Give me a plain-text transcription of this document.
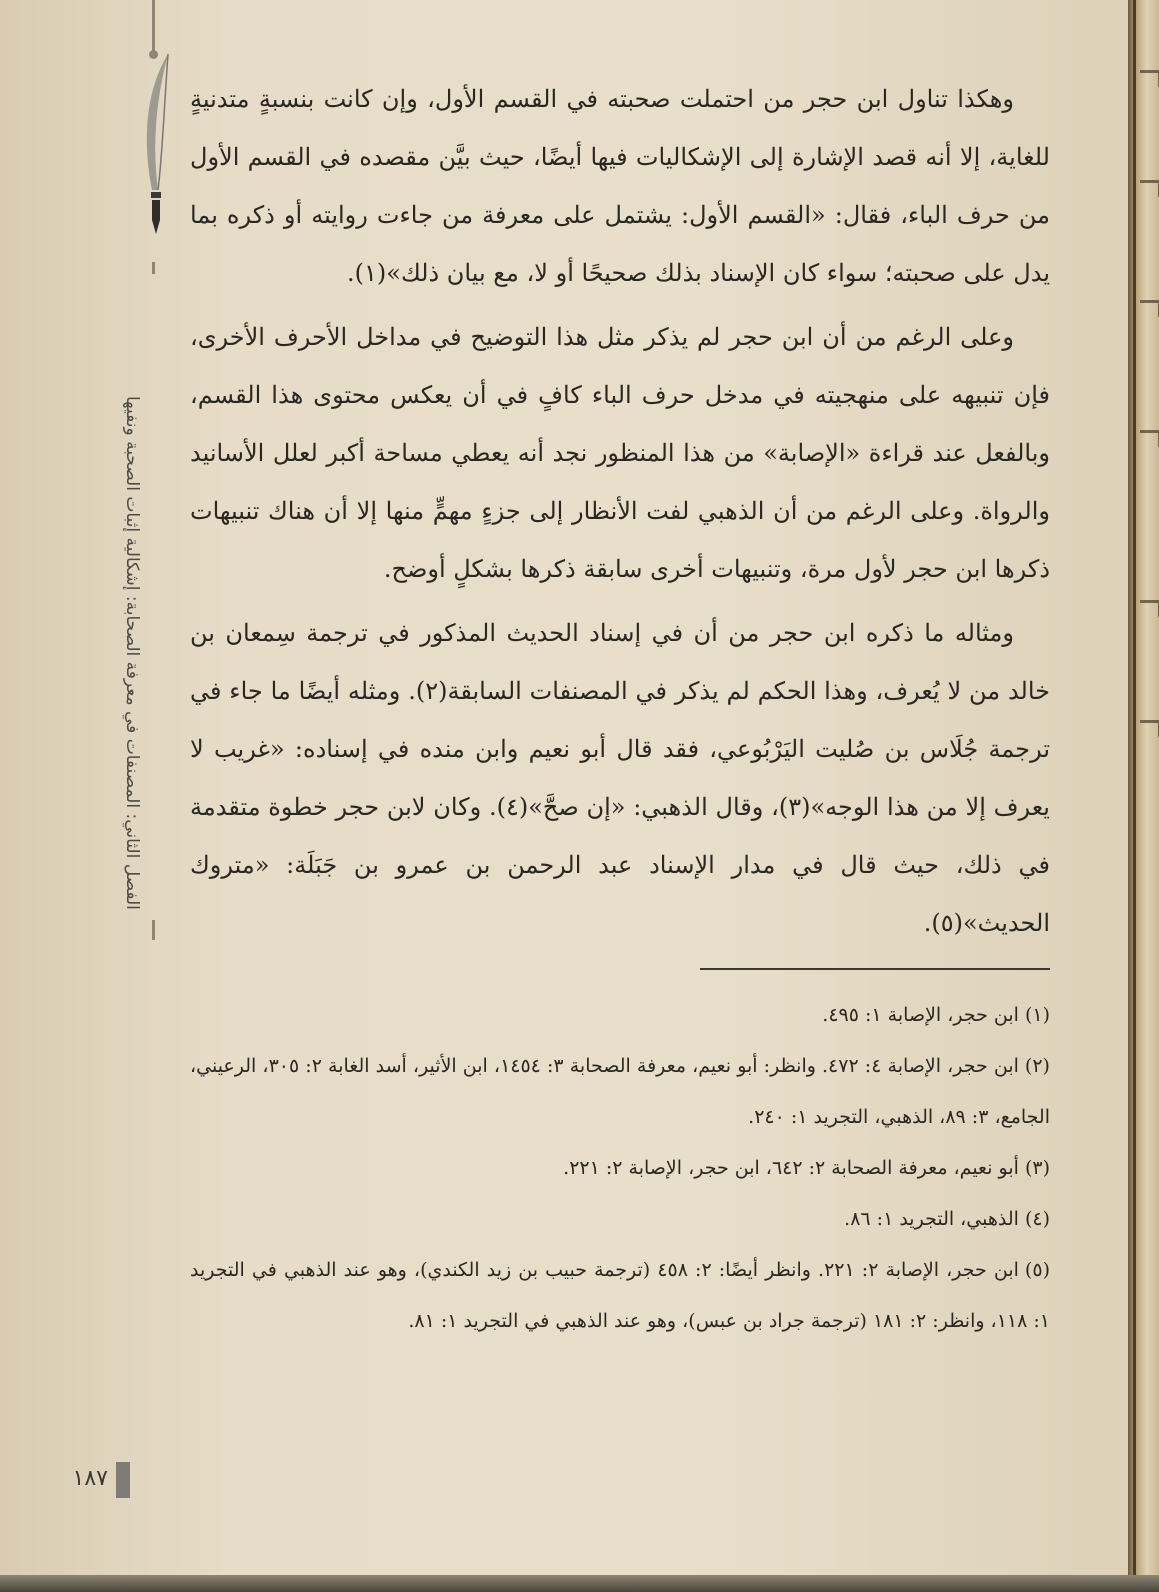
الفصل الثاني: المصنفات في معرفة الصحابة: إشكالية إثبات الصحبة ونفيها

وهكذا تناول ابن حجر من احتملت صحبته في القسم الأول، وإن كانت بنسبةٍ متدنيةٍ للغاية، إلا أنه قصد الإشارة إلى الإشكاليات فيها أيضًا، حيث بيَّن مقصده في القسم الأول من حرف الباء، فقال: «القسم الأول: يشتمل على معرفة من جاءت روايته أو ذكره بما يدل على صحبته؛ سواء كان الإسناد بذلك صحيحًا أو لا، مع بيان ذلك»(١).

وعلى الرغم من أن ابن حجر لم يذكر مثل هذا التوضيح في مداخل الأحرف الأخرى، فإن تنبيهه على منهجيته في مدخل حرف الباء كافٍ في أن يعكس محتوى هذا القسم، وبالفعل عند قراءة «الإصابة» من هذا المنظور نجد أنه يعطي مساحة أكبر لعلل الأسانيد والرواة. وعلى الرغم من أن الذهبي لفت الأنظار إلى جزءٍ مهمٍّ منها إلا أن هناك تنبيهات ذكرها ابن حجر لأول مرة، وتنبيهات أخرى سابقة ذكرها بشكلٍ أوضح.

ومثاله ما ذكره ابن حجر من أن في إسناد الحديث المذكور في ترجمة سِمعان بن خالد من لا يُعرف، وهذا الحكم لم يذكر في المصنفات السابقة(٢). ومثله أيضًا ما جاء في ترجمة جُلَاس بن صُليت اليَرْبُوعي، فقد قال أبو نعيم وابن منده في إسناده: «غريب لا يعرف إلا من هذا الوجه»(٣)، وقال الذهبي: «إن صحَّ»(٤). وكان لابن حجر خطوة متقدمة في ذلك، حيث قال في مدار الإسناد عبد الرحمن بن عمرو بن جَبَلَة: «متروك الحديث»(٥).

(١)ابن حجر، الإصابة ١: ٤٩٥.

(٢)ابن حجر، الإصابة ٤: ٤٧٢. وانظر: أبو نعيم، معرفة الصحابة ٣: ١٤٥٤، ابن الأثير، أسد الغابة ٢: ٣٠٥، الرعيني، الجامع، ٣: ٨٩، الذهبي، التجريد ١: ٢٤٠.

(٣)أبو نعيم، معرفة الصحابة ٢: ٦٤٢، ابن حجر، الإصابة ٢: ٢٢١.

(٤)الذهبي، التجريد ١: ٨٦.

(٥)ابن حجر، الإصابة ٢: ٢٢١. وانظر أيضًا: ٢: ٤٥٨ (ترجمة حبيب بن زيد الكندي)، وهو عند الذهبي في التجريد ١: ١١٨، وانظر: ٢: ١٨١ (ترجمة جراد بن عبس)، وهو عند الذهبي في التجريد ١: ٨١.

١٨٧
